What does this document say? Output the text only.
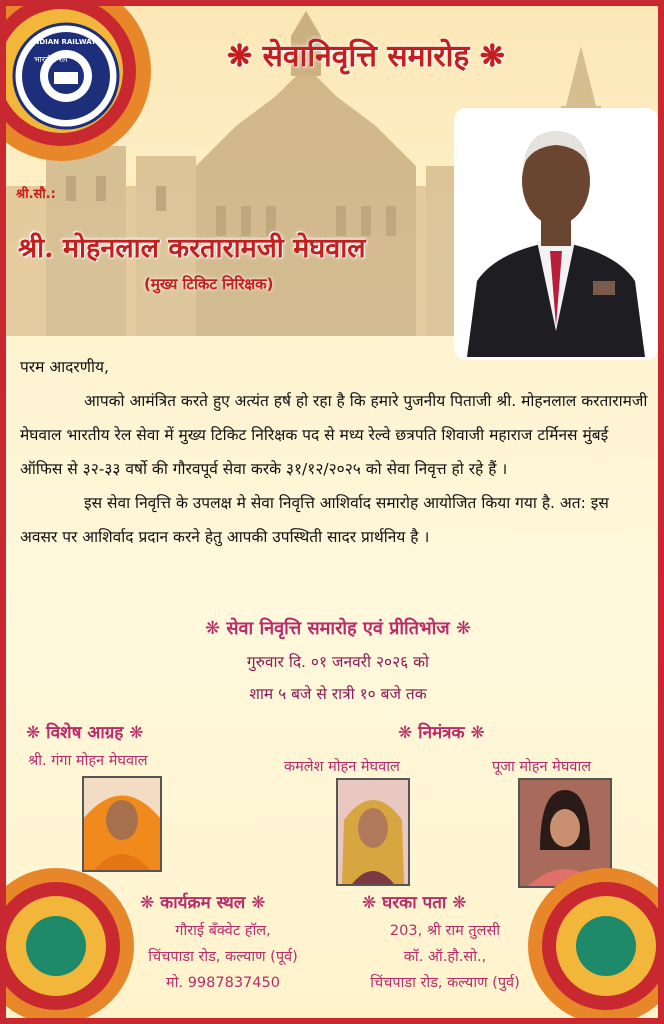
भारतीय रेल
INDIAN RAILWAYS	❋ सेवानिवृत्ति समारोह ❋
श्री.सौ.:
श्री. मोहनलाल करतारामजी मेघवाल
(मुख्य टिकिट निरिक्षक)

परम आदरणीय,

आपको आमंत्रित करते हुए अत्यंत हर्ष हो रहा है कि हमारे पुजनीय पिताजी श्री. मोहनलाल करतारामजी मेघवाल भारतीय रेल सेवा में मुख्य टिकिट निरिक्षक पद से मध्य रेल्वे छत्रपति शिवाजी महाराज टर्मिनस मुंबई ऑफिस से ३२-३३ वर्षो की गौरवपूर्व सेवा करके ३१/१२/२०२५ को सेवा निवृत्त हो रहे हैं ।

इस सेवा निवृत्ति के उपलक्ष मे सेवा निवृत्ति आशिर्वाद समारोह आयोजित किया गया है. अत: इस अवसर पर आशिर्वाद प्रदान करने हेतु आपकी उपस्थिती सादर प्रार्थनिय है ।

❋ सेवा निवृत्ति समारोह एवं प्रीतिभोज ❋
गुरुवार दि. ०१ जनवरी २०२६ को
शाम ५ बजे से रात्री १० बजे तक
❋ विशेष आग्रह ❋
श्री. गंगा मोहन मेघवाल
❋ निमंत्रक ❋
कमलेश मोहन मेघवाल	पूजा मोहन मेघवाल
❋ कार्यक्रम स्थल ❋
गौराई बँक्वेट हॉल,
चिंचपाडा रोड, कल्याण (पूर्व)
मो. 9987837450
❋ घरका पता ❋
203, श्री राम तुलसी
कॉ. ऑ.हौ.सो.,
चिंचपाडा रोड, कल्याण (पुर्व)
